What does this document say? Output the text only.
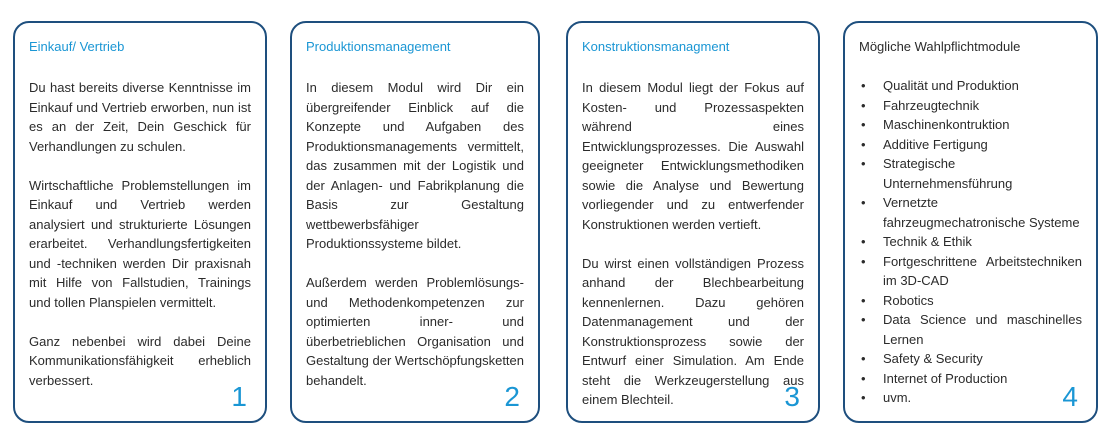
Einkauf/ Vertrieb

Du hast bereits diverse Kenntnisse im Einkauf und Vertrieb erworben, nun ist es an der Zeit, Dein Geschick für Verhandlungen zu schulen.

Wirtschaftliche Problemstellungen im Einkauf und Vertrieb werden analysiert und strukturierte Lösungen erarbeitet. Verhandlungsfertigkeiten und -techniken werden Dir praxisnah mit Hilfe von Fallstudien, Trainings und tollen Planspielen vermittelt.

Ganz nebenbei wird dabei Deine Kommunikationsfähigkeit erheblich verbessert.

1
Produktionsmanagement

In diesem Modul wird Dir ein übergreifender Einblick auf die Konzepte und Aufgaben des Produktionsmanagements vermittelt, das zusammen mit der Logistik und der Anlagen- und Fabrikplanung die Basis zur Gestaltung wettbewerbsfähiger Produktionssysteme bildet.

Außerdem werden Problemlösungs- und Methodenkompetenzen zur optimierten inner- und überbetrieblichen Organisation und Gestaltung der Wertschöpfungsketten behandelt.

2
Konstruktionsmanagment

In diesem Modul liegt der Fokus auf Kosten- und Prozessaspekten während eines Entwicklungsprozesses. Die Auswahl geeigneter Entwicklungsmethodiken sowie die Analyse und Bewertung vorliegender und zu entwerfender Konstruktionen werden vertieft.

Du wirst einen vollständigen Prozess anhand der Blechbearbeitung kennenlernen. Dazu gehören Datenmanagement und der Konstruktionsprozess sowie der Entwurf einer Simulation. Am Ende steht die Werkzeugerstellung aus einem Blechteil.	3
Mögliche Wahlpflichtmodule
• Qualität und Produktion
• Fahrzeugtechnik
• Maschinenkontruktion
• Additive Fertigung
• Strategische Unternehmensführung
• Vernetzte fahrzeugmechatronische Systeme
• Technik & Ethik
• Fortgeschrittene Arbeitstechniken im 3D-CAD
• Robotics
• Data Science und maschinelles Lernen
• Safety & Security
• Internet of Production
• uvm.	4
